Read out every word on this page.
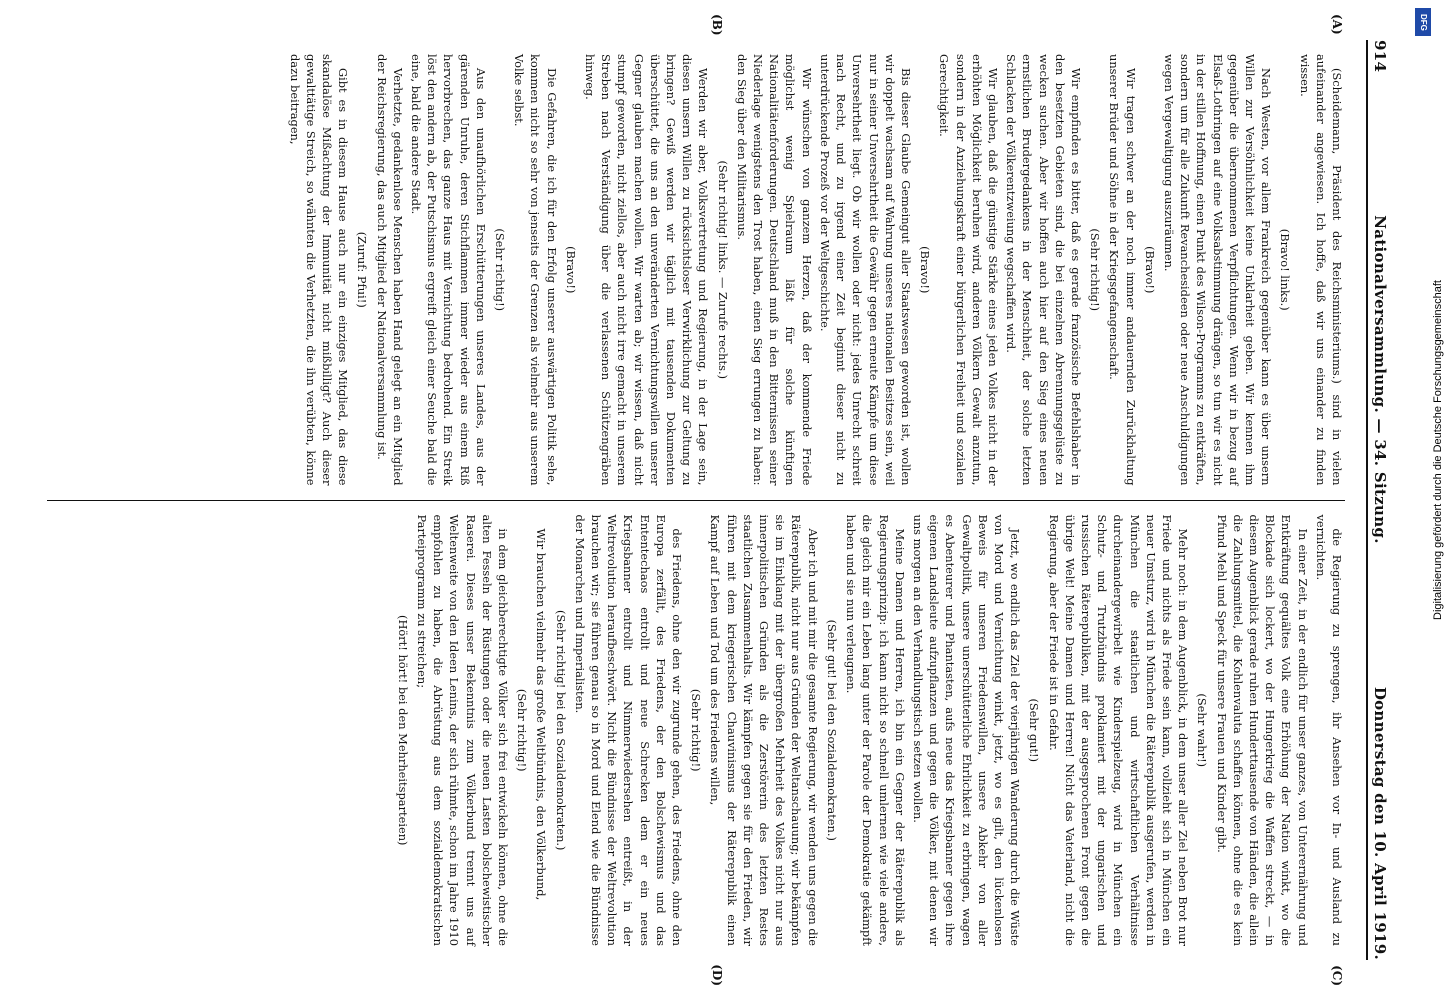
914
Nationalversammlung. — 34. Sitzung.
Donnerstag den 10. April 1919.
(A)
(B)

(Scheidemann, Präsident des Reichsministeriums.) sind in vielen aufeinander angewiesen. Ich hoffe, daß wir uns einander zu finden wissen.

(Bravo! links.)

Nach Westen, vor allem Frankreich gegenüber kann es über unsern Willen zur Versöhnlichkeit keine Unklarheit geben. Wir kennen ihm gegenüber die übernommenen Verpflichtungen. Wenn wir in bezug auf Elsaß-Lothringen auf eine Volksabstimmung drängen, so tun wir es nicht in der stillen Hoffnung, einen Punkt des Wilson-Programms zu entkräften, sondern um für alle Zukunft Revanchesideen oder neue Anschuldigungen wegen Vergewaltigung auszuräumen.

(Bravo!)

Wir tragen schwer an der noch immer andauernden Zurückhaltung unserer Brüder und Söhne in der Kriegsgefangenschaft.

(Sehr richtig!)

Wir empfinden es bitter, daß es gerade französische Befehlshaber in den besetzten Gebieten sind, die bei einzelnen Abrennungsgelüste zu wecken suchen. Aber wir hoffen auch hier auf den Sieg eines neuen ernstlichen Brudergedankens in der Menschheit, der solche letzten Schlacken der Völkerentzweiung wegschaffen wird.

Wir glauben, daß die günstige Stärke eines jeden Volkes nicht in der erhöhten Möglichkeit beruhen wird, anderen Völkern Gewalt anzutun, sondern in der Anziehungskraft einer bürgerlichen Freiheit und sozialen Gerechtigkeit.

(Bravo!)

Bis dieser Glaube Gemeingut aller Staatswesen geworden ist, wollen wir doppelt wachsam auf Wahrung unseres nationalen Besitzes sein, weil nur in seiner Unversehrtheit die Gewähr gegen erneute Kämpfe um diese Unversehrtheit liegt. Ob wir wollen oder nicht: jedes Unrecht schreit nach Recht, und zu irgend einer Zeit beginnt dieser nicht zu unterdrückende Prozeß vor der Weltgeschichte.

Wir wünschen von ganzem Herzen, daß der kommende Friede möglichst wenig Spielraum läßt für solche künftigen Nationalitätenforderungen. Deutschland muß in den Bitternissen seiner Niederlage wenigstens den Trost haben, einen Sieg errungen zu haben: den Sieg über den Militarismus.

(Sehr richtig! links. — Zurufe rechts.)

Werden wir aber, Volksvertretung und Regierung, in der Lage sein, diesen unsern Willen zu rücksichtsloser Verwirklichung zur Geltung zu bringen? Gewiß werden wir täglich mit tausenden Dokumenten überschüttet, die uns an den unveränderten Vernichtungswillen unserer Gegner glauben machen wollen. Wir warten ab; wir wissen, daß nicht stumpf geworden, nicht ziellos, aber auch nicht irre gemacht in unserem Streben nach Verständigung über die verlassenen Schützengräben hinweg.

(Bravo!)

Die Gefahren, die ich für den Erfolg unserer auswärtigen Politik sehe, kommen nicht so sehr von jenseits der Grenzen als vielmehr aus unserem Volke selbst.

(Sehr richtig!)

Aus den unaufhörlichen Erschütterungen unseres Landes, aus der gärenden Unruhe, deren Stichflammen immer wieder aus einem Riß hervorbrechen, das ganze Haus mit Vernichtung bedrohend. Ein Streik löst den andern ab, der Putschismus ergreift gleich einer Seuche bald die eine, bald die andere Stadt.

Verhetzte, gedankenlose Menschen haben Hand gelegt an ein Mitglied der Reichsregierung, das auch Mitglied der Nationalversammlung ist.

(Zuruf: Pfui!)

Gibt es in diesem Hause auch nur ein einziges Mitglied, das diese skandalöse Mißachtung der Immunität nicht mißbilligt? Auch dieser gewalttätige Streich, so wähnten die Verhetzten, die ihn verübten, könne dazu beitragen,

(C)
(D)

die Regierung zu sprengen, ihr Ansehen vor In- und Ausland zu vernichten.

In einer Zeit, in der endlich für unser ganzes, von Unterernährung und Entkräftung gequältes Volk eine Erhöhung der Nation winkt, wo die Blockade sich lockert, wo der Hungerkrieg die Waffen streckt, — in diesem Augenblick gerade ruhen Hunderttausende von Händen, die allein die Zahlungsmittel, die Kohlenvaluta schaffen können, ohne die es kein Pfund Mehl und Speck für unsere Frauen und Kinder gibt.

(Sehr wahr!)

Mehr noch: in dem Augenblick, in dem unser aller Ziel neben Brot nur Friede und nichts als Friede sein kann, vollzieht sich in München ein neuer Umsturz, wird in München die Räterepublik ausgerufen, werden in München die staatlichen und wirtschaftlichen Verhältnisse durcheinandergewirbelt wie Kinderspielzeug, wird in München ein Schutz- und Trutzbündnis proklamiert mit der ungarischen und russischen Räterepubliken, mit der ausgesprochenen Front gegen die übrige Welt! Meine Damen und Herren! Nicht das Vaterland, nicht die Regierung, aber der Friede ist in Gefahr.

(Sehr gut!)

Jetzt, wo endlich das Ziel der vierjährigen Wanderung durch die Wüste von Mord und Vernichtung winkt, jetzt, wo es gilt, den lückenlosen Beweis für unseren Friedenswillen, unsere Abkehr von aller Gewaltpolitik, unsere unerschütterliche Ehrlichkeit zu erbringen, wagen es Abenteurer und Phantasten, aufs neue das Kriegsbanner gegen ihre eigenen Landsleute aufzupflanzen und gegen die Völker, mit denen wir uns morgen an den Verhandlungstisch setzen wollen.

Meine Damen und Herren, ich bin ein Gegner der Räterepublik als Regierungsprinzip: ich kann nicht so schnell umlernen wie viele andere, die gleich mir ein Leben lang unter der Parole der Demokratie gekämpft haben und sie nun verleugnen.

(Sehr gut! bei den Sozialdemokraten.)

Aber ich und mit mir die gesamte Regierung, wir wenden uns gegen die Räterepublik, nicht nur aus Gründen der Weltanschauung; wir bekämpfen sie im Einklang mit der übergroßen Mehrheit des Volkes nicht nur aus innerpolitischen Gründen als die Zerstörerin des letzten Restes staatlichen Zusammenhalts. Wir kämpfen gegen sie für den Frieden, wir führen mit dem kriegerischen Chauvinismus der Räterepublik einen Kampf auf Leben und Tod um des Friedens willen,

(Sehr richtig!)

des Friedens, ohne den wir zugrunde gehen, des Friedens, ohne den Europa zerfällt, des Friedens, der den Bolschewismus und das Ententechaos entrollt und neue Schrecken dem er ein neues Kriegsbanner entrollt und Nimmerwiedersehen entreißt, in der Weltrevolution heraufbeschwört. Nicht die Bündnisse der Weltrevolution brauchen wir; sie führen genau so in Mord und Elend wie die Bündnisse der Monarchen und Imperialisten.

(Sehr richtig! bei den Sozialdemokraten.)

Wir brauchen vielmehr das große Weltbündnis, den Völkerbund,

(Sehr richtig!)

in dem gleichberechtigte Völker sich frei entwickeln können, ohne die alten Fesseln der Rüstungen oder die neuen Lasten bolschewistischer Raserei. Dieses unser Bekenntnis zum Völkerbund trennt uns auf Weltenweite von den Ideen Lenins, der sich rühmte, schon im Jahre 1910 empfohlen zu haben, die Abrüstung aus dem sozialdemokratischen Parteiprogramm zu streichen;

(Hört! hört! bei den Mehrheitsparteien)

DFG
Digitalisierung gefördert durch die Deutsche Forschungsgemeinschaft
